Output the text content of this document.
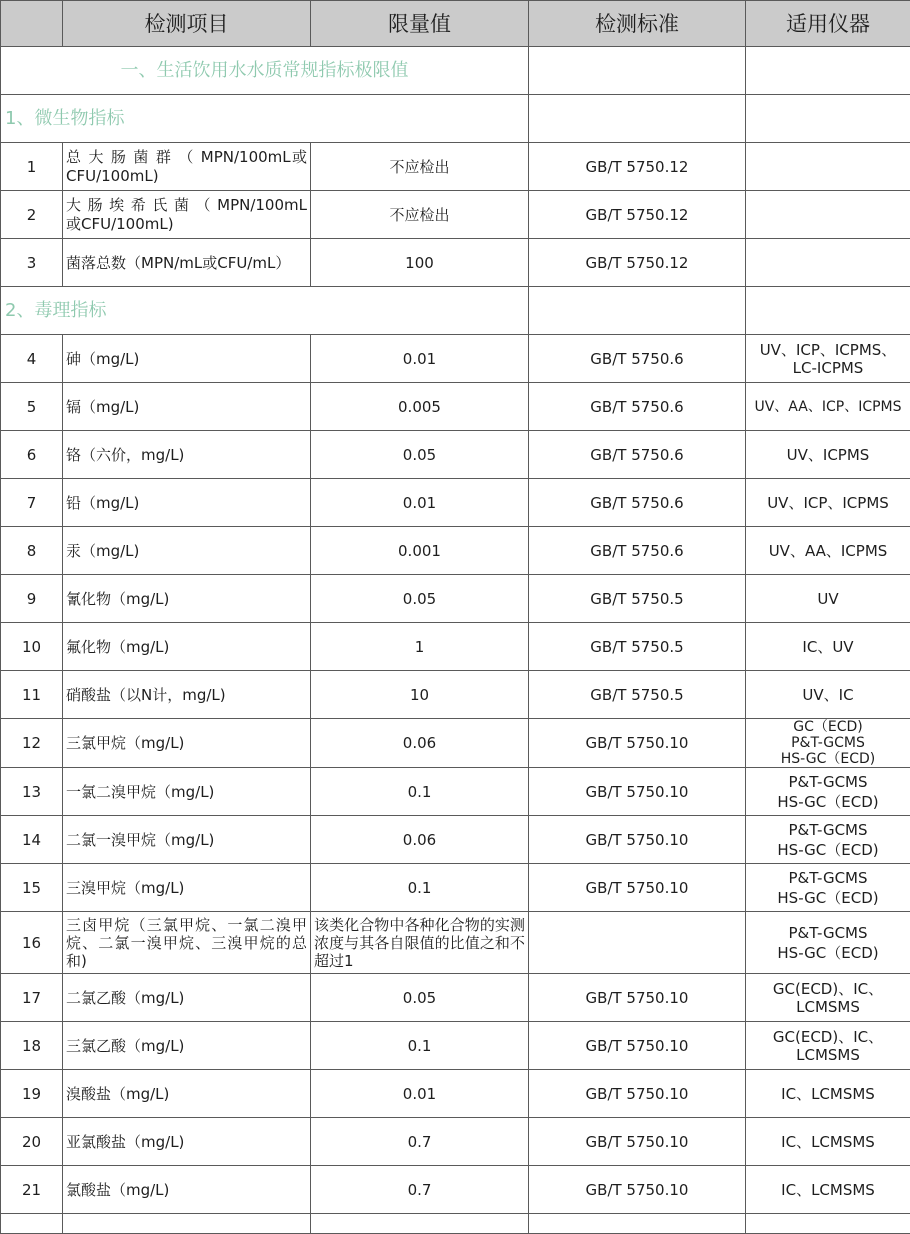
	检测项目	限量值	检测标准	适用仪器
一、生活饮用水水质常规指标极限值				
1、微生物指标				
1	总 大 肠 菌 群 （ MPN/100mL或CFU/100mL)	不应检出	GB/T 5750.12	
2	大 肠 埃 希 氏 菌 （ MPN/100mL或CFU/100mL)	不应检出	GB/T 5750.12	
3	菌落总数（MPN/mL或CFU/mL）	100	GB/T 5750.12	
2、毒理指标				
4	砷（mg/L)	0.01	GB/T 5750.6	UV、ICP、ICPMS、LC-ICPMS
5	镉（mg/L)	0.005	GB/T 5750.6	UV、AA、ICP、ICPMS
6	铬（六价，mg/L)	0.05	GB/T 5750.6	UV、ICPMS
7	铅（mg/L)	0.01	GB/T 5750.6	UV、ICP、ICPMS
8	汞（mg/L)	0.001	GB/T 5750.6	UV、AA、ICPMS
9	氰化物（mg/L)	0.05	GB/T 5750.5	UV
10	氟化物（mg/L)	1	GB/T 5750.5	IC、UV
11	硝酸盐（以N计，mg/L)	10	GB/T 5750.5	UV、IC
12	三氯甲烷（mg/L)	0.06	GB/T 5750.10	GC（ECD)
P&T-GCMS
HS-GC（ECD)
13	一氯二溴甲烷（mg/L)	0.1	GB/T 5750.10	P&T-GCMS
HS-GC（ECD)
14	二氯一溴甲烷（mg/L)	0.06	GB/T 5750.10	P&T-GCMS
HS-GC（ECD)
15	三溴甲烷（mg/L)	0.1	GB/T 5750.10	P&T-GCMS
HS-GC（ECD)
16	三卤甲烷（三氯甲烷、一氯二溴甲烷、二氯一溴甲烷、三溴甲烷的总和)	该类化合物中各种化合物的实测浓度与其各自限值的比值之和不超过1		P&T-GCMS
HS-GC（ECD)
17	二氯乙酸（mg/L)	0.05	GB/T 5750.10	GC(ECD)、IC、LCMSMS
18	三氯乙酸（mg/L)	0.1	GB/T 5750.10	GC(ECD)、IC、LCMSMS
19	溴酸盐（mg/L)	0.01	GB/T 5750.10	IC、LCMSMS
20	亚氯酸盐（mg/L)	0.7	GB/T 5750.10	IC、LCMSMS
21	氯酸盐（mg/L)	0.7	GB/T 5750.10	IC、LCMSMS
